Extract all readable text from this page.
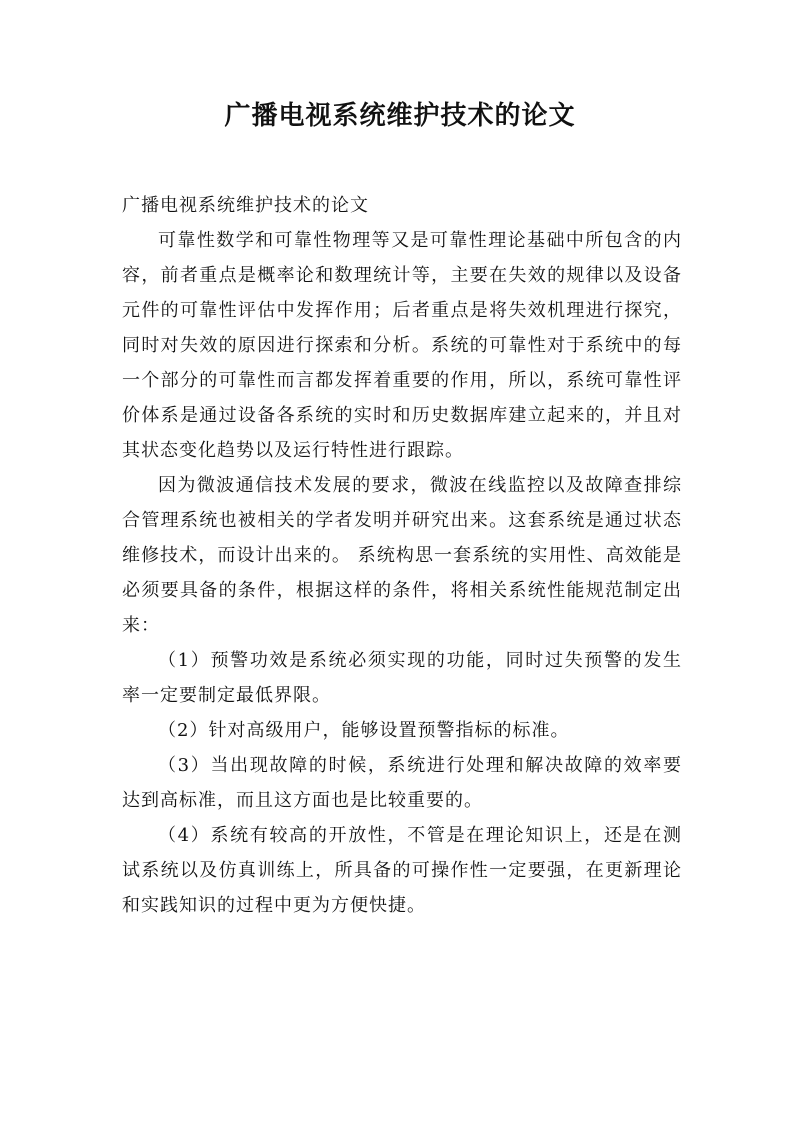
广播电视系统维护技术的论文

广播电视系统维护技术的论文

可靠性数学和可靠性物理等又是可靠性理论基础中所包含的内容，前者重点是概率论和数理统计等，主要在失效的规律以及设备元件的可靠性评估中发挥作用；后者重点是将失效机理进行探究，同时对失效的原因进行探索和分析。系统的可靠性对于系统中的每一个部分的可靠性而言都发挥着重要的作用，所以，系统可靠性评价体系是通过设备各系统的实时和历史数据库建立起来的，并且对其状态变化趋势以及运行特性进行跟踪。

因为微波通信技术发展的要求，微波在线监控以及故障查排综合管理系统也被相关的学者发明并研究出来。这套系统是通过状态维修技术，而设计出来的。 系统构思一套系统的实用性、高效能是必须要具备的条件，根据这样的条件，将相关系统性能规范制定出来：

（1）预警功效是系统必须实现的功能，同时过失预警的发生率一定要制定最低界限。

（2）针对高级用户，能够设置预警指标的标准。

（3）当出现故障的时候，系统进行处理和解决故障的效率要达到高标准，而且这方面也是比较重要的。

（4）系统有较高的开放性，不管是在理论知识上，还是在测试系统以及仿真训练上，所具备的可操作性一定要强，在更新理论和实践知识的过程中更为方便快捷。
